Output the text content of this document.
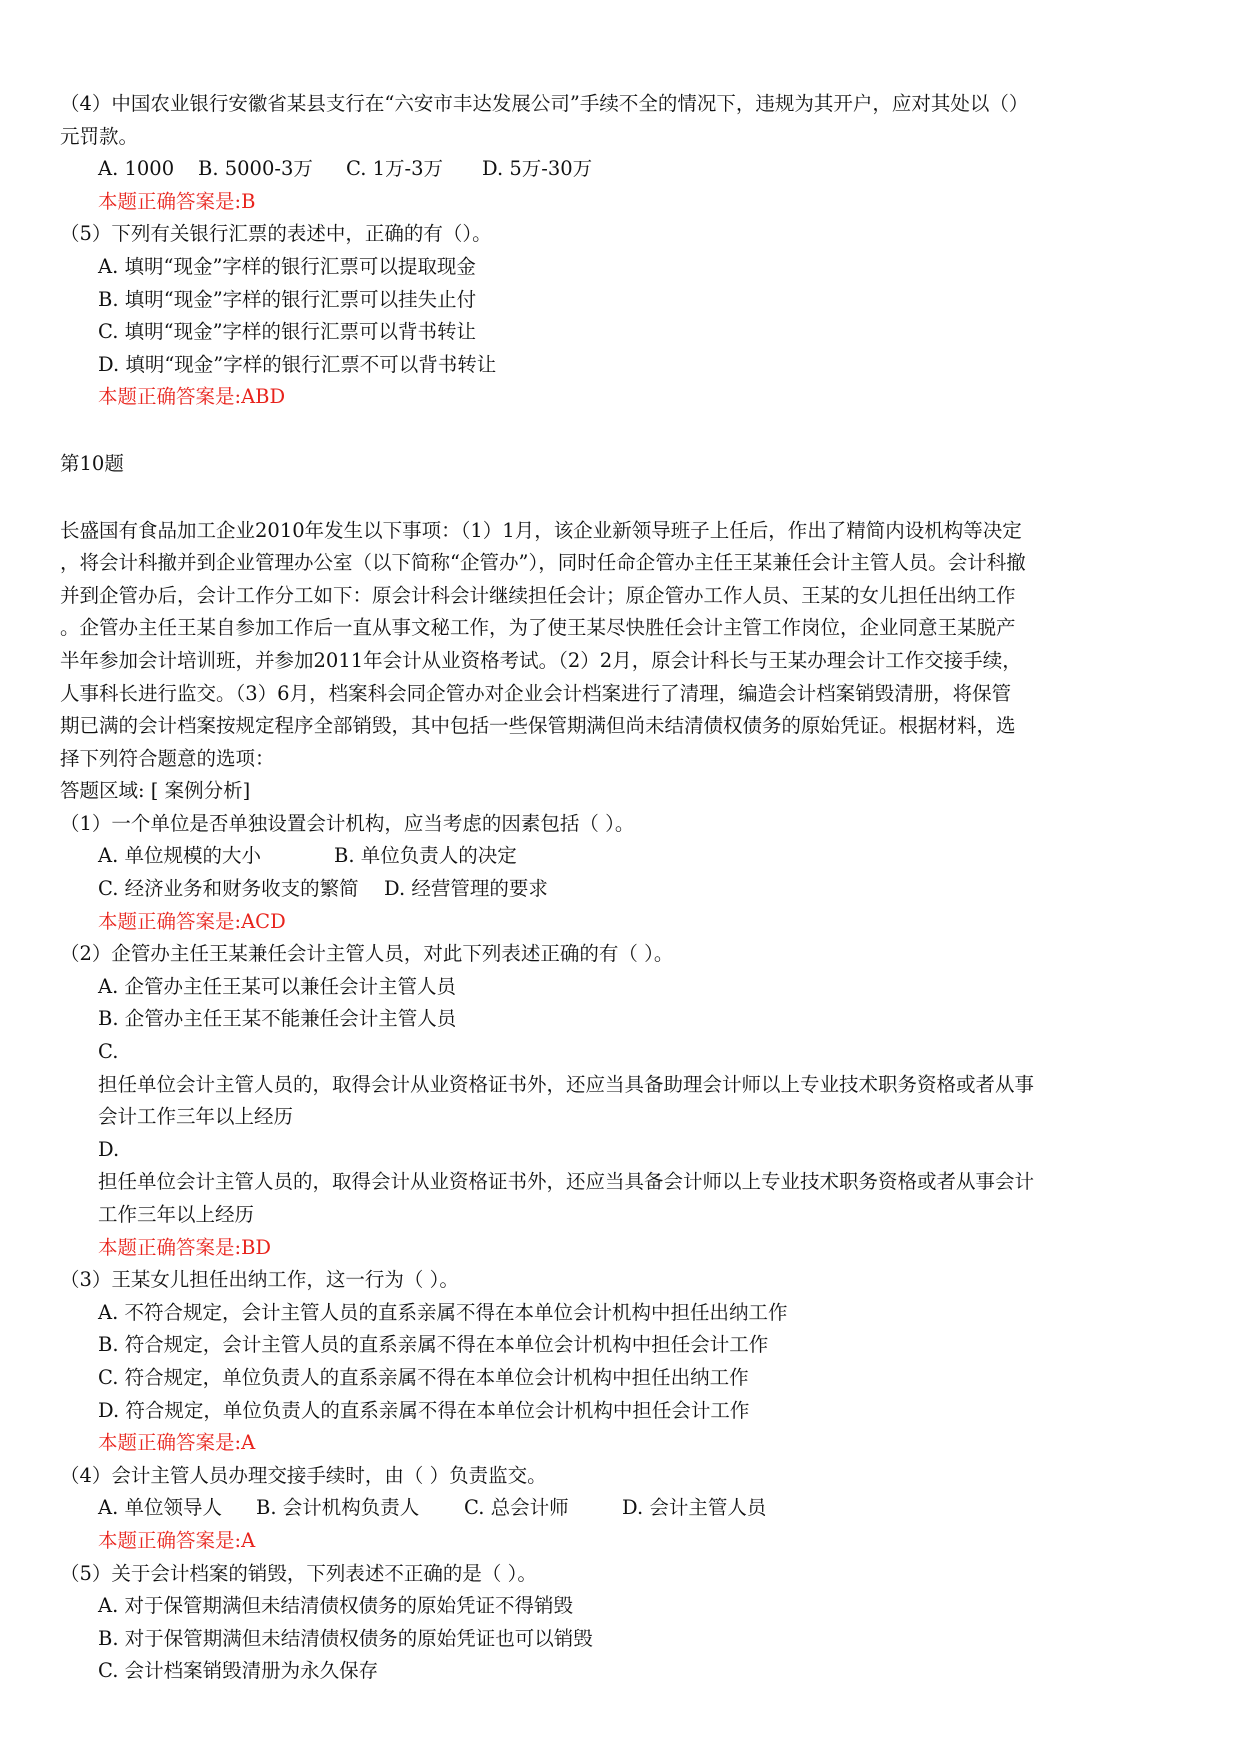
（4）中国农业银行安徽省某县支行在“六安市丰达发展公司”手续不全的情况下，违规为其开户，应对其处以（）
元罚款。
A. 1000 B. 5000-3万 C. 1万-3万 D. 5万-30万
本题正确答案是:B
（5）下列有关银行汇票的表述中，正确的有（）。
A. 填明“现金”字样的银行汇票可以提取现金
B. 填明“现金”字样的银行汇票可以挂失止付
C. 填明“现金”字样的银行汇票可以背书转让
D. 填明“现金”字样的银行汇票不可以背书转让
本题正确答案是:ABD
第10题
长盛国有食品加工企业2010年发生以下事项：（1）1月，该企业新领导班子上任后，作出了精简内设机构等决定
，将会计科撤并到企业管理办公室（以下简称“企管办”），同时任命企管办主任王某兼任会计主管人员。会计科撤
并到企管办后，会计工作分工如下：原会计科会计继续担任会计；原企管办工作人员、王某的女儿担任出纳工作
。企管办主任王某自参加工作后一直从事文秘工作，为了使王某尽快胜任会计主管工作岗位，企业同意王某脱产
半年参加会计培训班，并参加2011年会计从业资格考试。（2）2月，原会计科长与王某办理会计工作交接手续，
人事科长进行监交。（3）6月，档案科会同企管办对企业会计档案进行了清理，编造会计档案销毁清册，将保管
期已满的会计档案按规定程序全部销毁，其中包括一些保管期满但尚未结清债权债务的原始凭证。根据材料，选
择下列符合题意的选项：
答题区域: [ 案例分析]
（1）一个单位是否单独设置会计机构，应当考虑的因素包括（ ）。
A. 单位规模的大小	B. 单位负责人的决定
C. 经济业务和财务收支的繁简 D. 经营管理的要求
本题正确答案是:ACD
（2）企管办主任王某兼任会计主管人员，对此下列表述正确的有（ ）。
A. 企管办主任王某可以兼任会计主管人员
B. 企管办主任王某不能兼任会计主管人员
C.
担任单位会计主管人员的，取得会计从业资格证书外，还应当具备助理会计师以上专业技术职务资格或者从事
会计工作三年以上经历
D.
担任单位会计主管人员的，取得会计从业资格证书外，还应当具备会计师以上专业技术职务资格或者从事会计
工作三年以上经历
本题正确答案是:BD
（3）王某女儿担任出纳工作，这一行为（ ）。
A. 不符合规定，会计主管人员的直系亲属不得在本单位会计机构中担任出纳工作
B. 符合规定，会计主管人员的直系亲属不得在本单位会计机构中担任会计工作
C. 符合规定，单位负责人的直系亲属不得在本单位会计机构中担任出纳工作
D. 符合规定，单位负责人的直系亲属不得在本单位会计机构中担任会计工作
本题正确答案是:A
（4）会计主管人员办理交接手续时，由（ ）负责监交。
A. 单位领导人 B. 会计机构负责人 C. 总会计师	D. 会计主管人员
本题正确答案是:A
（5）关于会计档案的销毁，下列表述不正确的是（ ）。
A. 对于保管期满但未结清债权债务的原始凭证不得销毁
B. 对于保管期满但未结清债权债务的原始凭证也可以销毁
C. 会计档案销毁清册为永久保存
